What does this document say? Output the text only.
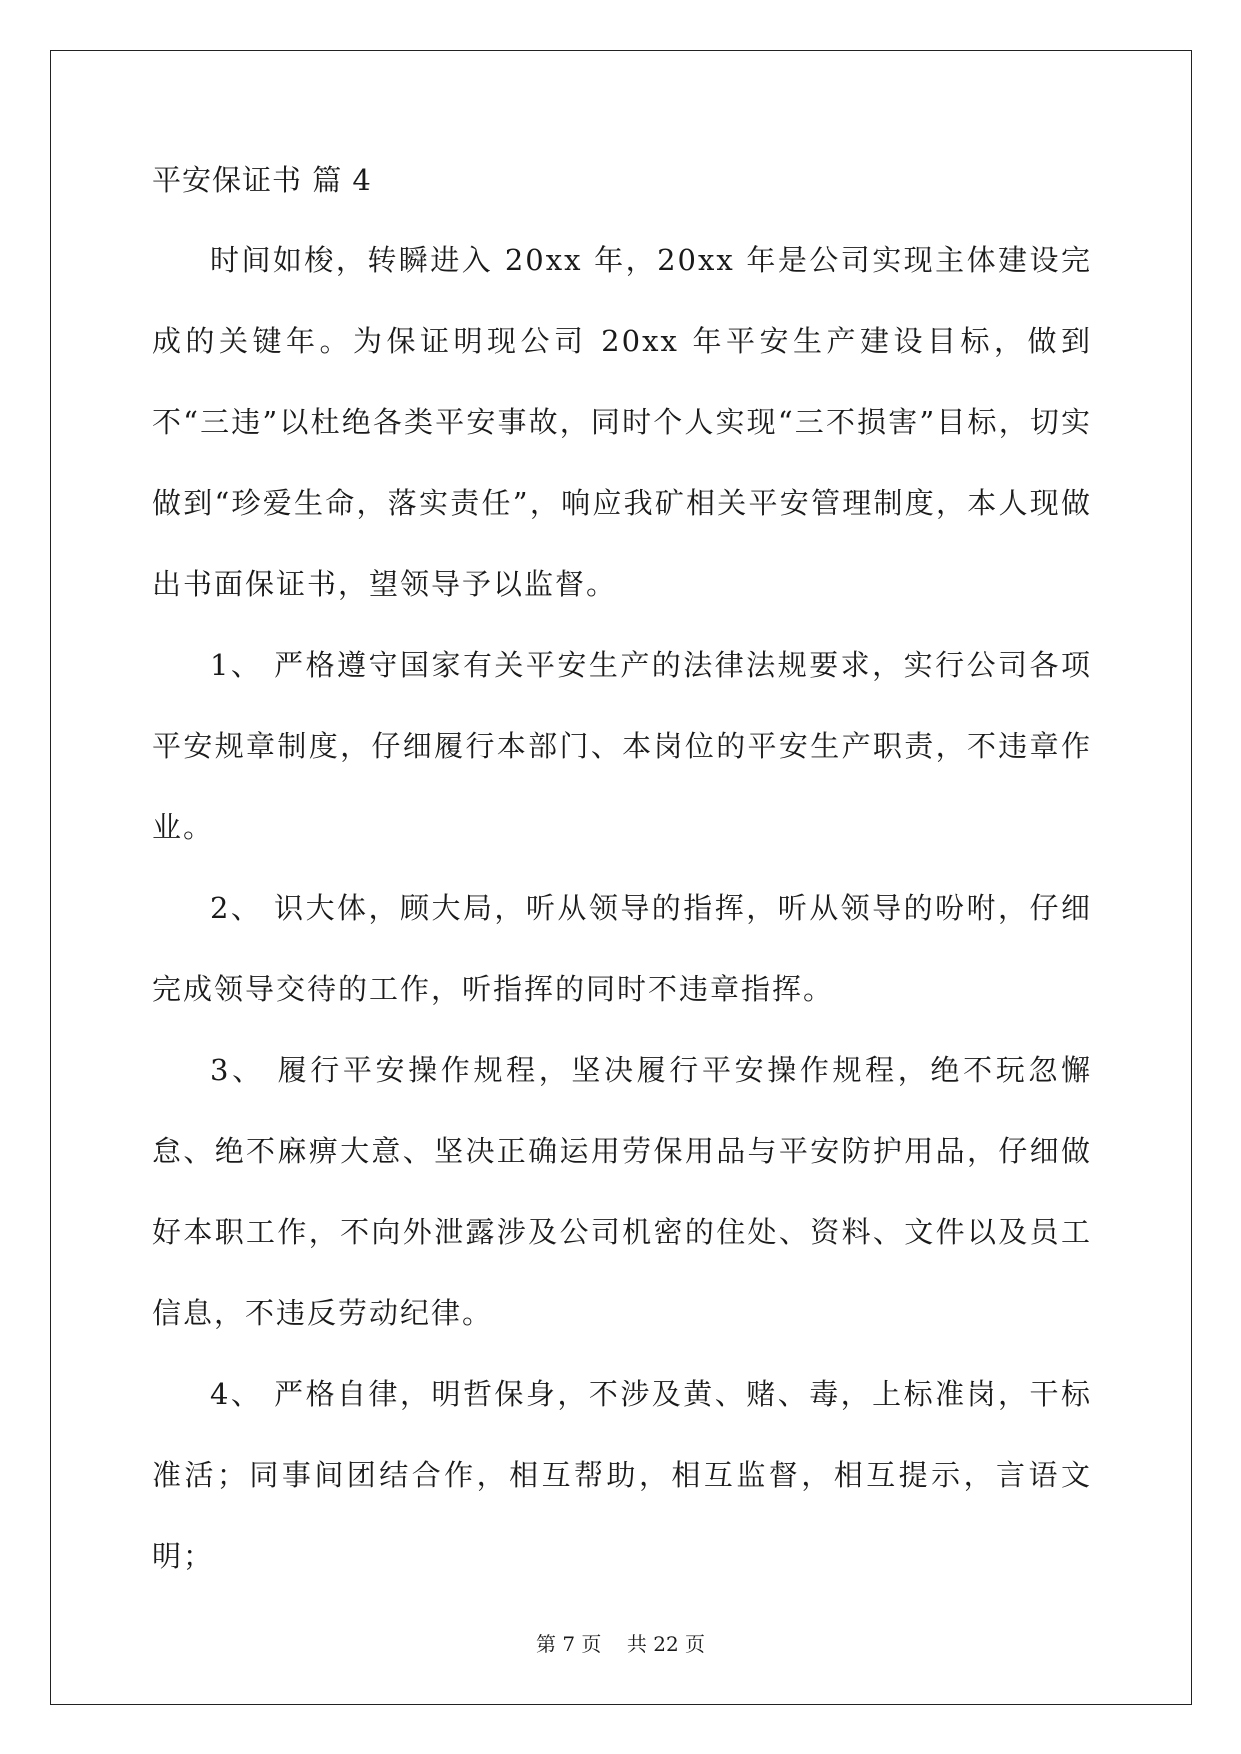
平安保证书 篇 4

时间如梭，转瞬进入 20xx 年，20xx 年是公司实现主体建设完成的关键年。为保证明现公司 20xx 年平安生产建设目标，做到不“三违”以杜绝各类平安事故，同时个人实现“三不损害”目标，切实做到“珍爱生命，落实责任”，响应我矿相关平安管理制度，本人现做出书面保证书，望领导予以监督。

1、 严格遵守国家有关平安生产的法律法规要求，实行公司各项平安规章制度，仔细履行本部门、本岗位的平安生产职责，不违章作业。

2、 识大体，顾大局，听从领导的指挥，听从领导的吩咐，仔细完成领导交待的工作，听指挥的同时不违章指挥。

3、 履行平安操作规程，坚决履行平安操作规程，绝不玩忽懈怠、绝不麻痹大意、坚决正确运用劳保用品与平安防护用品，仔细做好本职工作，不向外泄露涉及公司机密的住处、资料、文件以及员工信息，不违反劳动纪律。

4、 严格自律，明哲保身，不涉及黄、赌、毒，上标准岗，干标准活；同事间团结合作，相互帮助，相互监督，相互提示，言语文明；

第 7 页 共 22 页
